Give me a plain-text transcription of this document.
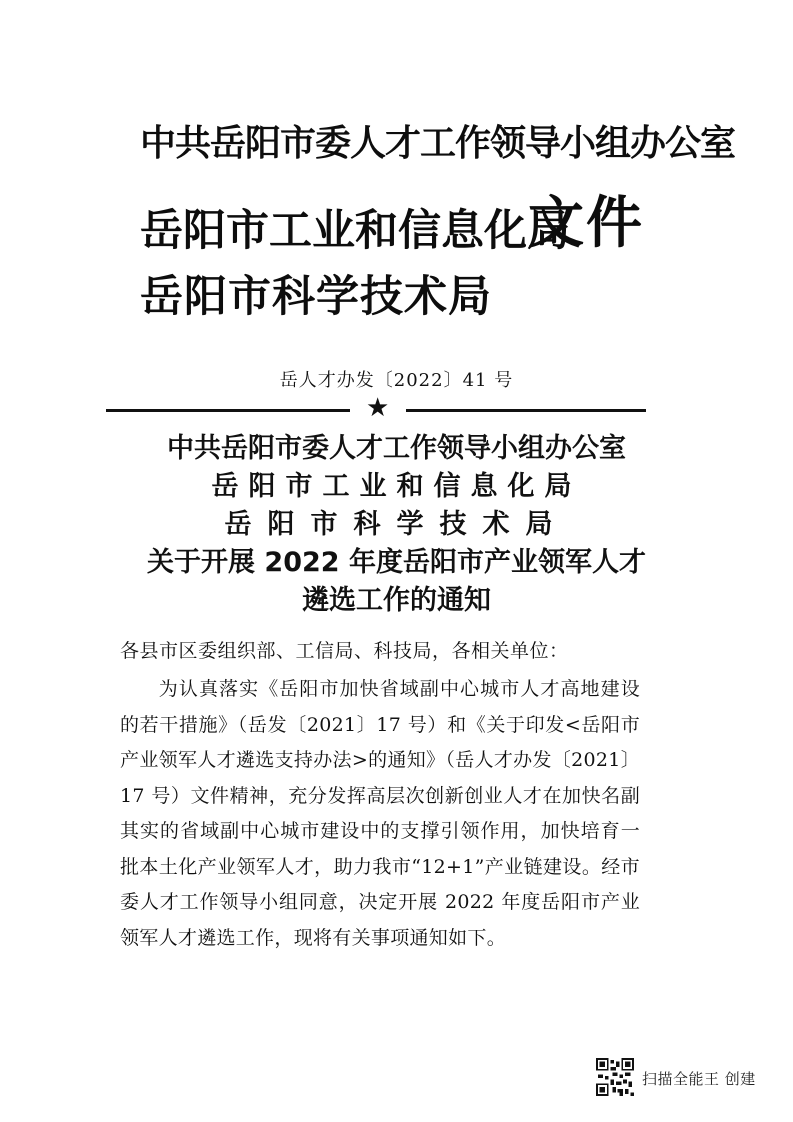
中共岳阳市委人才工作领导小组办公室
岳阳市工业和信息化局
岳阳市科学技术局
文件
岳人才办发〔2022〕41 号
★
中共岳阳市委人才工作领导小组办公室
岳阳市工业和信息化局
岳阳市科学技术局
关于开展 2022 年度岳阳市产业领军人才
遴选工作的通知
各县市区委组织部、工信局、科技局，各相关单位：
为认真落实《岳阳市加快省域副中心城市人才高地建设的若干措施》（岳发〔2021〕17 号）和《关于印发<岳阳市产业领军人才遴选支持办法>的通知》（岳人才办发〔2021〕17 号）文件精神，充分发挥高层次创新创业人才在加快名副其实的省域副中心城市建设中的支撑引领作用，加快培育一批本土化产业领军人才，助力我市“12+1”产业链建设。经市委人才工作领导小组同意，决定开展 2022 年度岳阳市产业领军人才遴选工作，现将有关事项通知如下。
扫描全能王 创建
